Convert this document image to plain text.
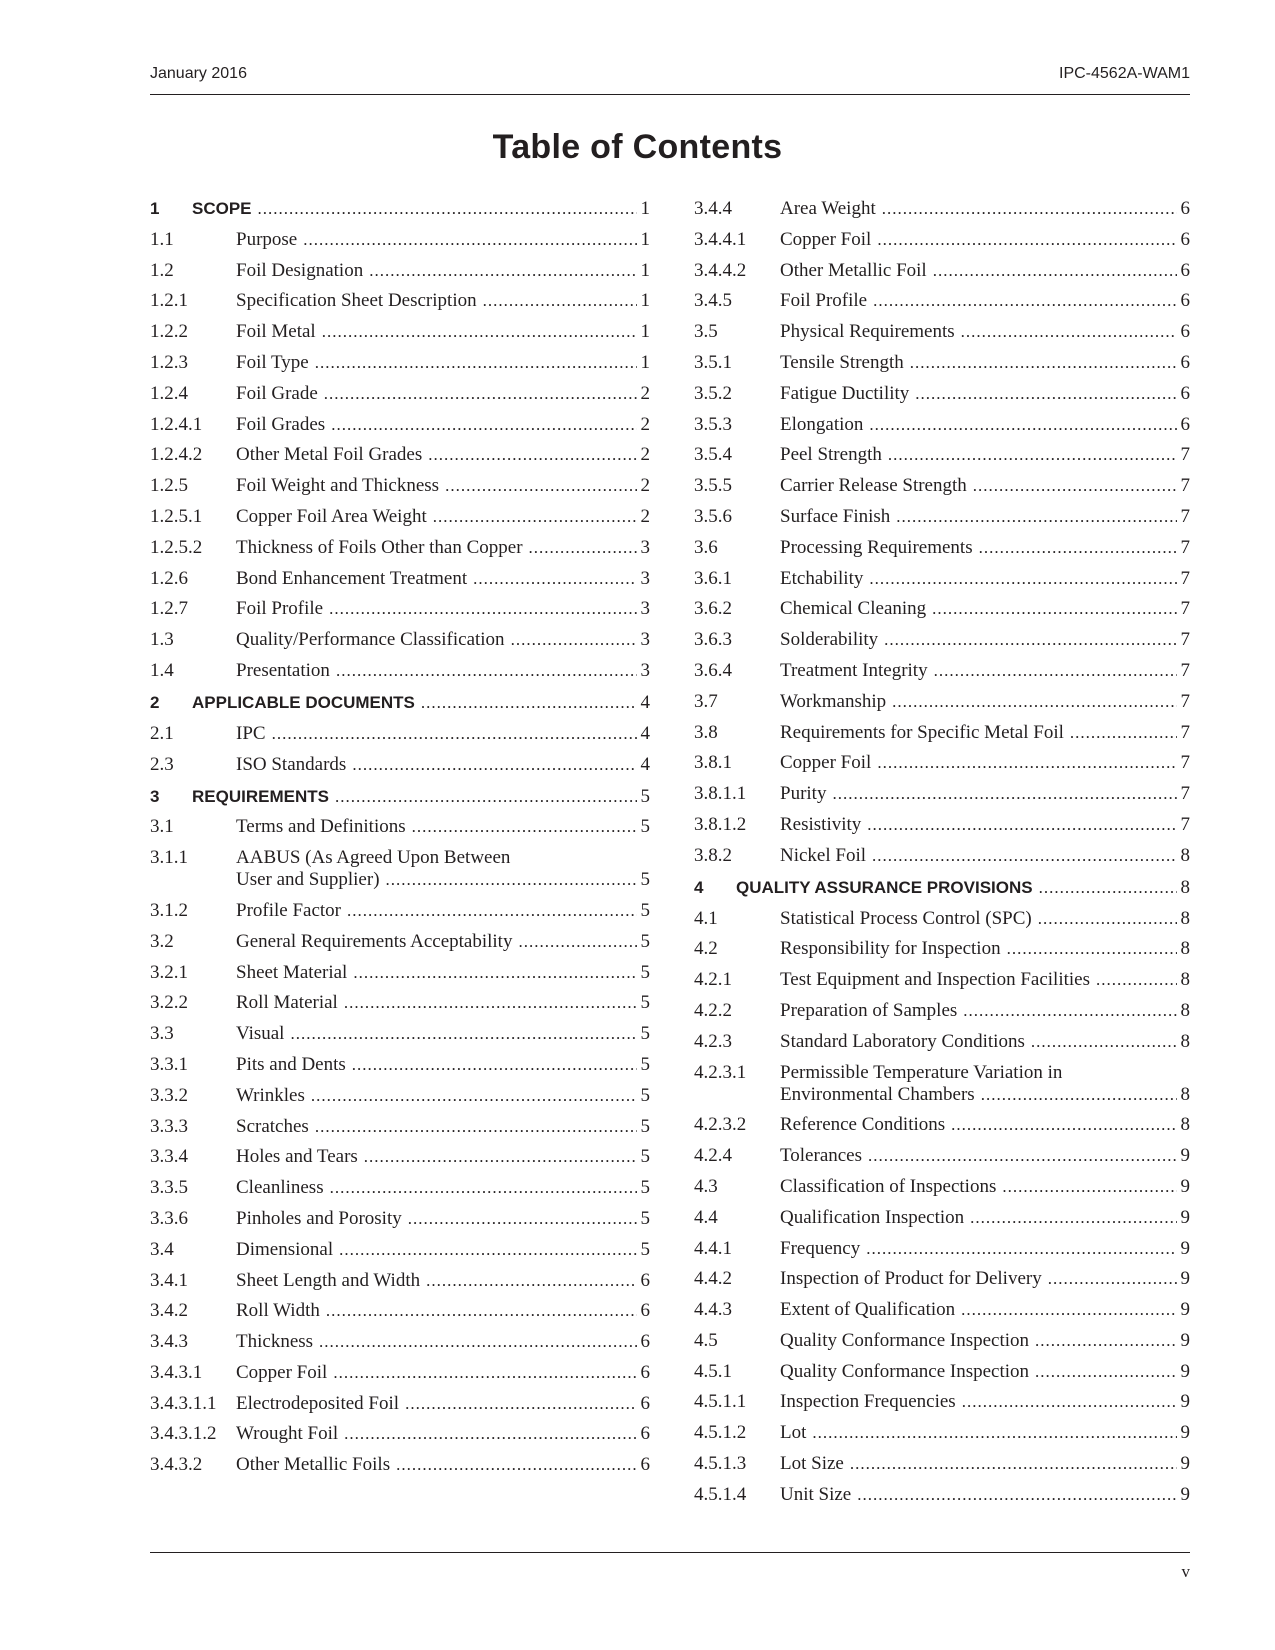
January 2016	IPC-4562A-WAM1
Table of Contents
1	SCOPE .....	1
1.1	Purpose .....	1
1.2	Foil Designation .....	1
1.2.1	Specification Sheet Description .....	1
1.2.2	Foil Metal .....	1
1.2.3	Foil Type .....	1
1.2.4	Foil Grade .....	2
1.2.4.1	Foil Grades .....	2
1.2.4.2	Other Metal Foil Grades .....	2
1.2.5	Foil Weight and Thickness .....	2
1.2.5.1	Copper Foil Area Weight .....	2
1.2.5.2	Thickness of Foils Other than Copper .....	3
1.2.6	Bond Enhancement Treatment .....	3
1.2.7	Foil Profile .....	3
1.3	Quality/Performance Classification .....	3
1.4	Presentation .....	3
2	APPLICABLE DOCUMENTS .....	4
2.1	IPC .....	4
2.3	ISO Standards .....	4
3	REQUIREMENTS .....	5
3.1	Terms and Definitions .....	5
3.1.1	AABUS (As Agreed Upon Between
User and Supplier) .....	5
3.1.2	Profile Factor .....	5
3.2	General Requirements Acceptability .....	5
3.2.1	Sheet Material .....	5
3.2.2	Roll Material .....	5
3.3	Visual .....	5
3.3.1	Pits and Dents .....	5
3.3.2	Wrinkles .....	5
3.3.3	Scratches .....	5
3.3.4	Holes and Tears .....	5
3.3.5	Cleanliness .....	5
3.3.6	Pinholes and Porosity .....	5
3.4	Dimensional .....	5
3.4.1	Sheet Length and Width .....	6
3.4.2	Roll Width .....	6
3.4.3	Thickness .....	6
3.4.3.1	Copper Foil .....	6
3.4.3.1.1	Electrodeposited Foil .....	6
3.4.3.1.2	Wrought Foil .....	6
3.4.3.2	Other Metallic Foils .....	6
3.4.4	Area Weight .....	6
3.4.4.1	Copper Foil .....	6
3.4.4.2	Other Metallic Foil .....	6
3.4.5	Foil Profile .....	6
3.5	Physical Requirements .....	6
3.5.1	Tensile Strength .....	6
3.5.2	Fatigue Ductility .....	6
3.5.3	Elongation .....	6
3.5.4	Peel Strength .....	7
3.5.5	Carrier Release Strength .....	7
3.5.6	Surface Finish .....	7
3.6	Processing Requirements .....	7
3.6.1	Etchability .....	7
3.6.2	Chemical Cleaning .....	7
3.6.3	Solderability .....	7
3.6.4	Treatment Integrity .....	7
3.7	Workmanship .....	7
3.8	Requirements for Specific Metal Foil .....	7
3.8.1	Copper Foil .....	7
3.8.1.1	Purity .....	7
3.8.1.2	Resistivity .....	7
3.8.2	Nickel Foil .....	8
4	QUALITY ASSURANCE PROVISIONS .....	8
4.1	Statistical Process Control (SPC) .....	8
4.2	Responsibility for Inspection .....	8
4.2.1	Test Equipment and Inspection Facilities .....	8
4.2.2	Preparation of Samples .....	8
4.2.3	Standard Laboratory Conditions .....	8
4.2.3.1	Permissible Temperature Variation in
Environmental Chambers .....	8
4.2.3.2	Reference Conditions .....	8
4.2.4	Tolerances .....	9
4.3	Classification of Inspections .....	9
4.4	Qualification Inspection .....	9
4.4.1	Frequency .....	9
4.4.2	Inspection of Product for Delivery .....	9
4.4.3	Extent of Qualification .....	9
4.5	Quality Conformance Inspection .....	9
4.5.1	Quality Conformance Inspection .....	9
4.5.1.1	Inspection Frequencies .....	9
4.5.1.2	Lot .....	9
4.5.1.3	Lot Size .....	9
4.5.1.4	Unit Size .....	9
v
